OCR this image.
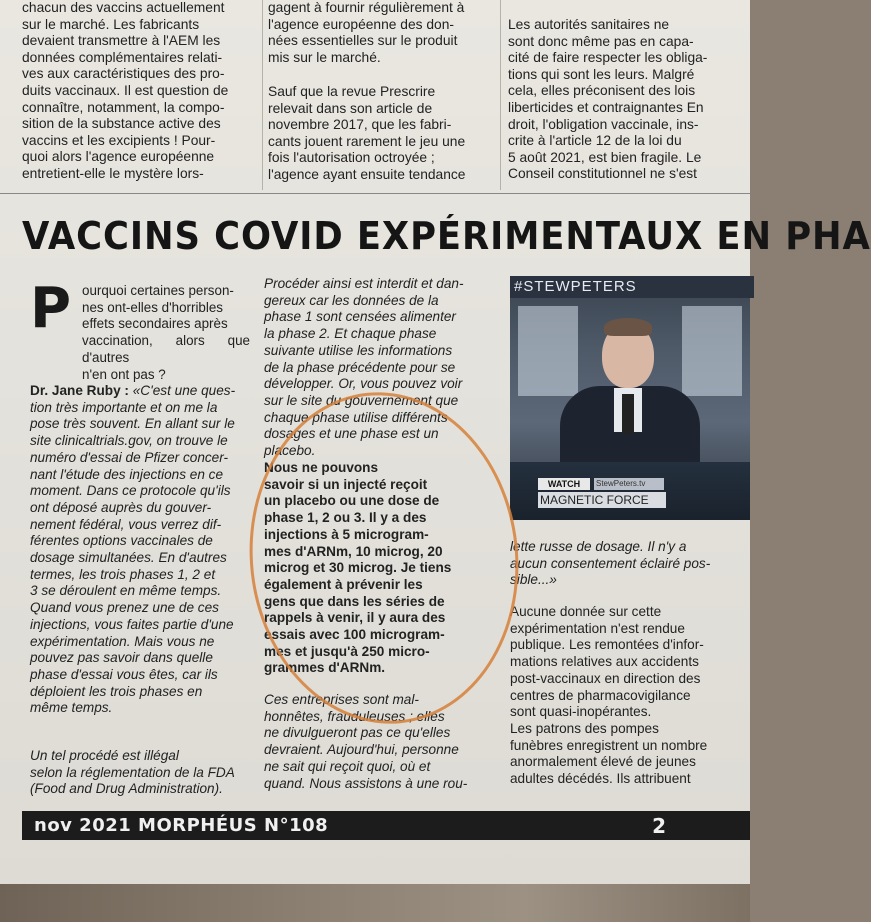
chacun des vaccins actuellement
sur le marché. Les fabricants
devaient transmettre à l'AEM les
données complémentaires relati-
ves aux caractéristiques des pro-
duits vaccinaux. Il est question de
connaître, notamment, la compo-
sition de la substance active des
vaccins et les excipients ! Pour-
quoi alors l'agence européenne
entretient-elle le mystère lors-

gagent à fournir régulièrement à
l'agence européenne des don-
nées essentielles sur le produit
mis sur le marché.

Sauf que la revue Prescrire
relevait dans son article de
novembre 2017, que les fabri-
cants jouent rarement le jeu une
fois l'autorisation octroyée ;
l'agence ayant ensuite tendance

Les autorités sanitaires ne
sont donc même pas en capa-
cité de faire respecter les obliga-
tions qui sont les leurs. Malgré
cela, elles préconisent des lois
liberticides et contraignantes En
droit, l'obligation vaccinale, ins-
crite à l'article 12 de la loi du
5 août 2021, est bien fragile. Le
Conseil constitutionnel ne s'est

VACCINS COVID EXPÉRIMENTAUX EN PHA
P ourquoi certaines person-
nes ont-elles d'horribles
effets secondaires après
vaccination, alors que d'autres
n'en ont pas ?

Dr. Jane Ruby : «C'est une ques-
tion très importante et on me la
pose très souvent. En allant sur le
site clinicaltrials.gov, on trouve le
numéro d'essai de Pfizer concer-
nant l'étude des injections en ce
moment. Dans ce protocole qu'ils
ont déposé auprès du gouver-
nement fédéral, vous verrez dif-
férentes options vaccinales de
dosage simultanées. En d'autres
termes, les trois phases 1, 2 et
3 se déroulent en même temps.
Quand vous prenez une de ces
injections, vous faites partie d'une
expérimentation. Mais vous ne
pouvez pas savoir dans quelle
phase d'essai vous êtes, car ils
déploient les trois phases en
même temps.

Un tel procédé est illégal
selon la réglementation de la FDA
(Food and Drug Administration).

Procéder ainsi est interdit et dan-
gereux car les données de la
phase 1 sont censées alimenter
la phase 2. Et chaque phase
suivante utilise les informations
de la phase précédente pour se
développer. Or, vous pouvez voir
sur le site du gouvernement que
chaque phase utilise différents
dosages et une phase est un
placebo.

Nous ne pouvons
savoir si un injecté reçoit
un placebo ou une dose de
phase 1, 2 ou 3. Il y a des
injections à 5 microgram-
mes d'ARNm, 10 microg, 20
microg et 30 microg. Je tiens
également à prévenir les
gens que dans les séries de
rappels à venir, il y aura des
essais avec 100 microgram-
mes et jusqu'à 250 micro-
grammes d'ARNm.

Ces entreprises sont mal-
honnêtes, frauduleuses ; elles
ne divulgueront pas ce qu'elles
devraient. Aujourd'hui, personne
ne sait qui reçoit quoi, où et
quand. Nous assistons à une rou-

#STEWPETERS
WATCH	StewPeters.tv
MAGNETIC FORCE

lette russe de dosage. Il n'y a
aucun consentement éclairé pos-
sible...»

Aucune donnée sur cette
expérimentation n'est rendue
publique. Les remontées d'infor-
mations relatives aux accidents
post-vaccinaux en direction des
centres de pharmacovigilance
sont quasi-inopérantes.
Les patrons des pompes
funèbres enregistrent un nombre
anormalement élevé de jeunes
adultes décédés. Ils attribuent

nov 2021 MORPHÉUS N°108	2
